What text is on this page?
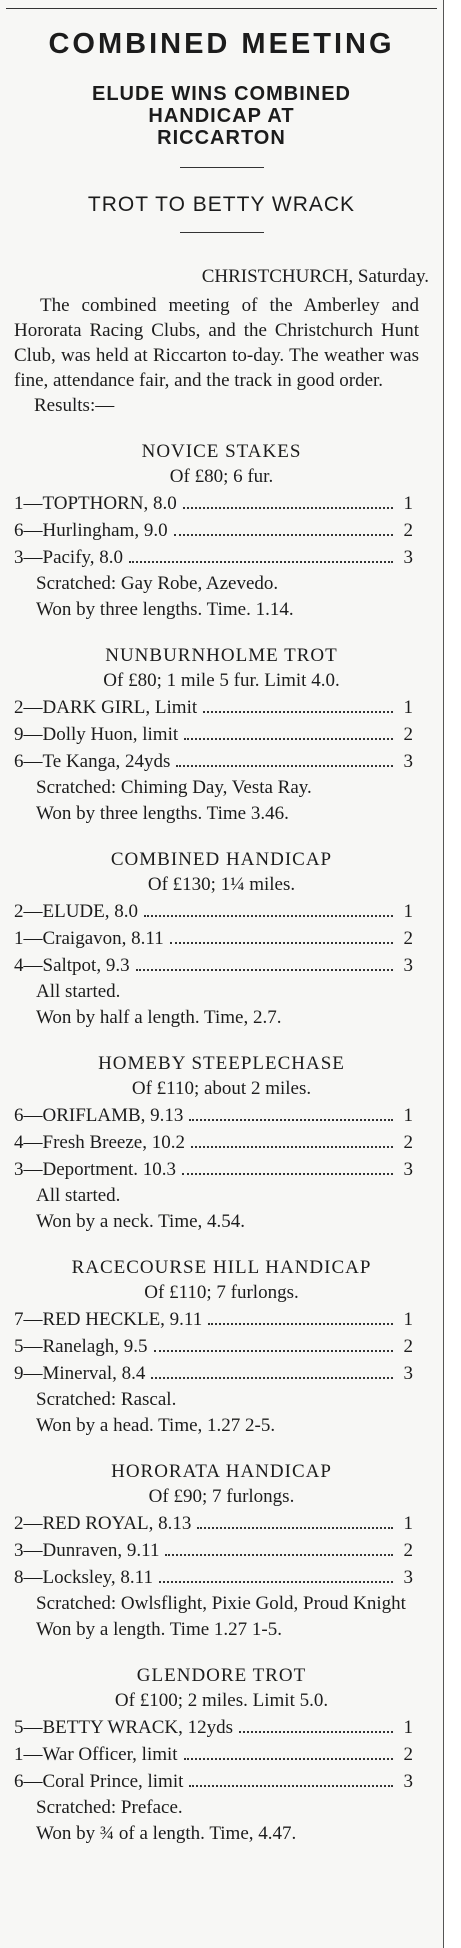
COMBINED MEETING
ELUDE WINS COMBINED
HANDICAP AT
RICCARTON
TROT TO BETTY WRACK
CHRISTCHURCH, Saturday.
The combined meeting of the Amberley and Hororata Racing Clubs, and the Christchurch Hunt Club, was held at Riccarton to-day. The weather was fine, attendance fair, and the track in good order.
Results:—
NOVICE STAKES
Of £80; 6 fur.
1—TOPTHORN, 8.0	1
6—Hurlingham, 9.0	2
3—Pacify, 8.0	3
Scratched: Gay Robe, Azevedo.
Won by three lengths. Time. 1.14.
NUNBURNHOLME TROT
Of £80; 1 mile 5 fur. Limit 4.0.
2—DARK GIRL, Limit	1
9—Dolly Huon, limit	2
6—Te Kanga, 24yds	3
Scratched: Chiming Day, Vesta Ray.
Won by three lengths. Time 3.46.
COMBINED HANDICAP
Of £130; 1¼ miles.
2—ELUDE, 8.0	1
1—Craigavon, 8.11	2
4—Saltpot, 9.3	3
All started.
Won by half a length. Time, 2.7.
HOMEBY STEEPLECHASE
Of £110; about 2 miles.
6—ORIFLAMB, 9.13	1
4—Fresh Breeze, 10.2	2
3—Deportment. 10.3	3
All started.
Won by a neck. Time, 4.54.
RACECOURSE HILL HANDICAP
Of £110; 7 furlongs.
7—RED HECKLE, 9.11	1
5—Ranelagh, 9.5	2
9—Minerval, 8.4	3
Scratched: Rascal.
Won by a head. Time, 1.27 2-5.
HORORATA HANDICAP
Of £90; 7 furlongs.
2—RED ROYAL, 8.13	1
3—Dunraven, 9.11	2
8—Locksley, 8.11	3
Scratched: Owlsflight, Pixie Gold, Proud Knight
Won by a length. Time 1.27 1-5.
GLENDORE TROT
Of £100; 2 miles. Limit 5.0.
5—BETTY WRACK, 12yds	1
1—War Officer, limit	2
6—Coral Prince, limit	3
Scratched: Preface.
Won by ¾ of a length. Time, 4.47.
